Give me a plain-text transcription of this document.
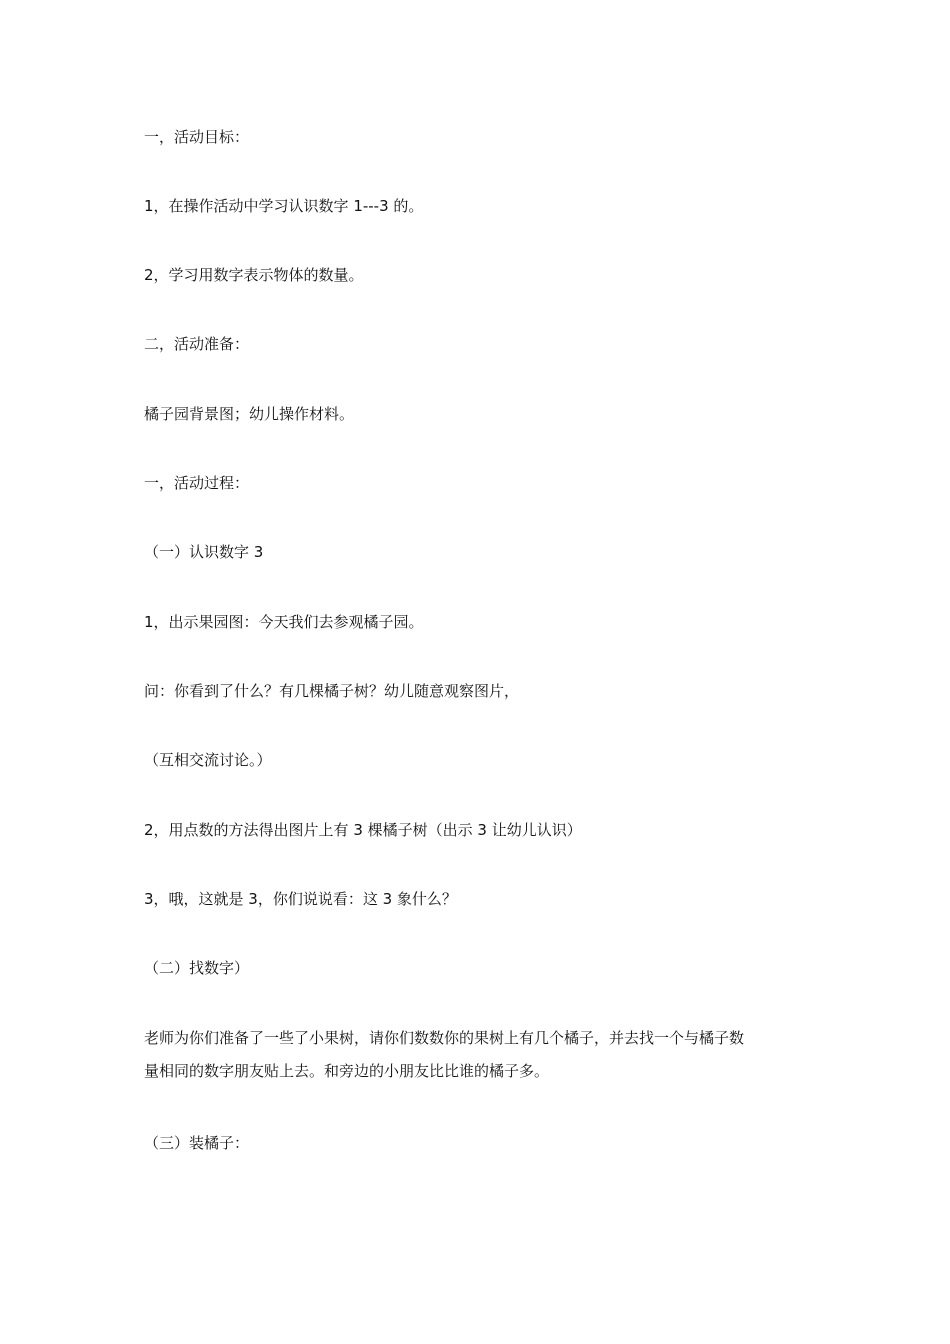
一，活动目标：
1，在操作活动中学习认识数字 1---3 的。
2，学习用数字表示物体的数量。
二，活动准备：
橘子园背景图；幼儿操作材料。
一，活动过程：
（一）认识数字 3
1，出示果园图：今天我们去参观橘子园。
问：你看到了什么？有几棵橘子树？幼儿随意观察图片，
（互相交流讨论。）
2，用点数的方法得出图片上有 3 棵橘子树（出示 3 让幼儿认识）
3，哦，这就是 3，你们说说看：这 3 象什么？
（二）找数字）
老师为你们准备了一些了小果树，请你们数数你的果树上有几个橘子，并去找一个与橘子数
量相同的数字朋友贴上去。和旁边的小朋友比比谁的橘子多。
（三）装橘子：
